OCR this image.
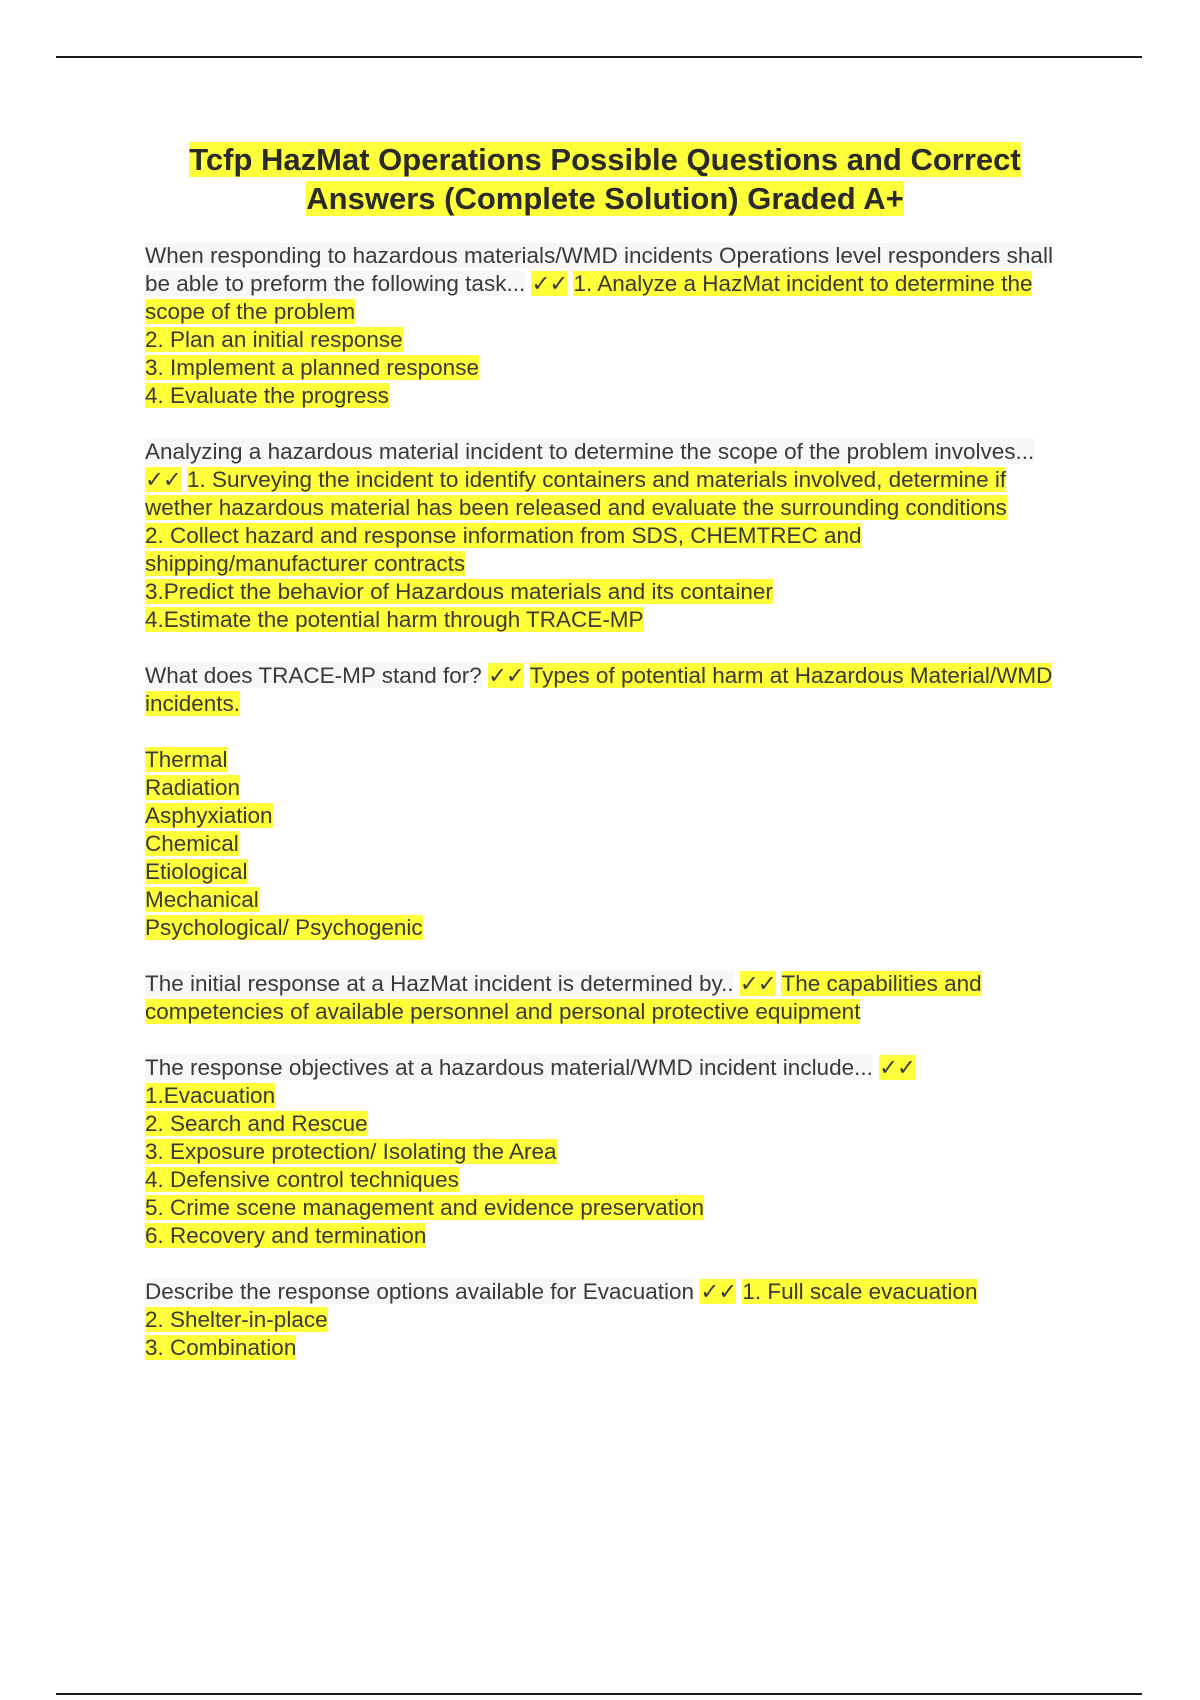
Tcfp HazMat Operations Possible Questions and Correct
Answers (Complete Solution) Graded A+
When responding to hazardous materials/WMD incidents Operations level responders shall be able to preform the following task... ✓✓ 1. Analyze a HazMat incident to determine the scope of the problem
2. Plan an initial response
3. Implement a planned response
4. Evaluate the progress
Analyzing a hazardous material incident to determine the scope of the problem involves... ✓✓ 1. Surveying the incident to identify containers and materials involved, determine if wether hazardous material has been released and evaluate the surrounding conditions
2. Collect hazard and response information from SDS, CHEMTREC and shipping/manufacturer contracts
3.Predict the behavior of Hazardous materials and its container
4.Estimate the potential harm through TRACE-MP
What does TRACE-MP stand for? ✓✓ Types of potential harm at Hazardous Material/WMD incidents.
Thermal
Radiation
Asphyxiation
Chemical
Etiological
Mechanical
Psychological/ Psychogenic
The initial response at a HazMat incident is determined by.. ✓✓ The capabilities and competencies of available personnel and personal protective equipment
The response objectives at a hazardous material/WMD incident include... ✓✓
1.Evacuation
2. Search and Rescue
3. Exposure protection/ Isolating the Area
4. Defensive control techniques
5. Crime scene management and evidence preservation
6. Recovery and termination
Describe the response options available for Evacuation ✓✓ 1. Full scale evacuation
2. Shelter-in-place
3. Combination
